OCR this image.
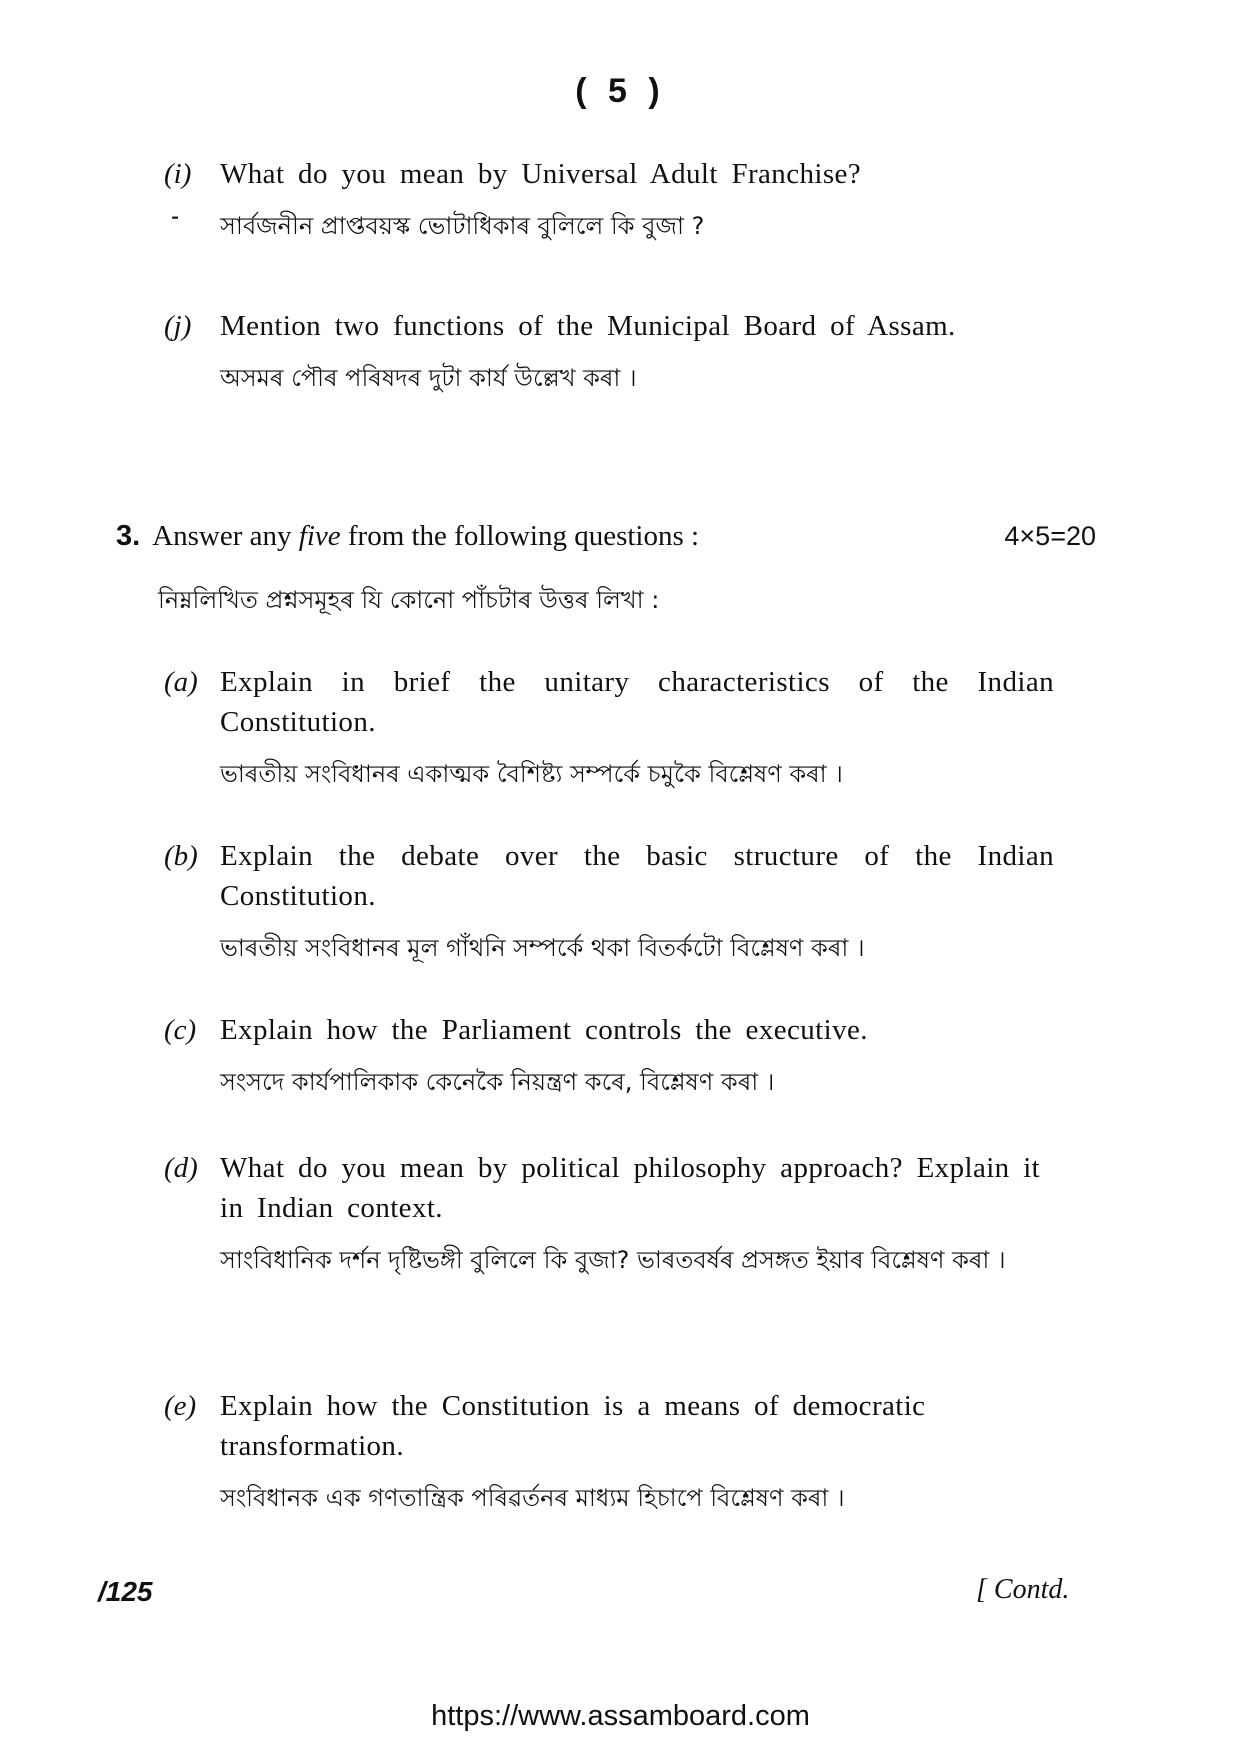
( 5 )
(i)
⁃
What do you mean by Universal Adult Franchise?
সাৰ্বজনীন প্ৰাপ্তবয়স্ক ভোটাধিকাৰ বুলিলে কি বুজা ?
(j) Mention two functions of the Municipal Board of Assam.
অসমৰ পৌৰ পৰিষদৰ দুটা কাৰ্য উল্লেখ কৰা ।
3. Answer any five from the following questions :	4×5=20
নিম্নলিখিত প্ৰশ্নসমূহৰ যি কোনো পাঁচটাৰ উত্তৰ লিখা :
(a) Explain in brief the unitary characteristics of the Indian Constitution.
ভাৰতীয় সংবিধানৰ একাত্মক বৈশিষ্ট্য সম্পৰ্কে চমুকৈ বিশ্লেষণ কৰা ।
(b) Explain the debate over the basic structure of the Indian Constitution.
ভাৰতীয় সংবিধানৰ মূল গাঁথনি সম্পৰ্কে থকা বিতৰ্কটো বিশ্লেষণ কৰা ।
(c) Explain how the Parliament controls the executive.
সংসদে কাৰ্যপালিকাক কেনেকৈ নিয়ন্ত্ৰণ কৰে, বিশ্লেষণ কৰা ।
(d) What do you mean by political philosophy approach? Explain it in Indian context.
সাংবিধানিক দৰ্শন দৃষ্টিভঙ্গী বুলিলে কি বুজা? ভাৰতবৰ্ষৰ প্ৰসঙ্গত ইয়াৰ বিশ্লেষণ কৰা ।
(e) Explain how the Constitution is a means of democratic transformation.
সংবিধানক এক গণতান্ত্ৰিক পৰিৱৰ্তনৰ মাধ্যম হিচাপে বিশ্লেষণ কৰা ।
/125	[ Contd.
https://www.assamboard.com
